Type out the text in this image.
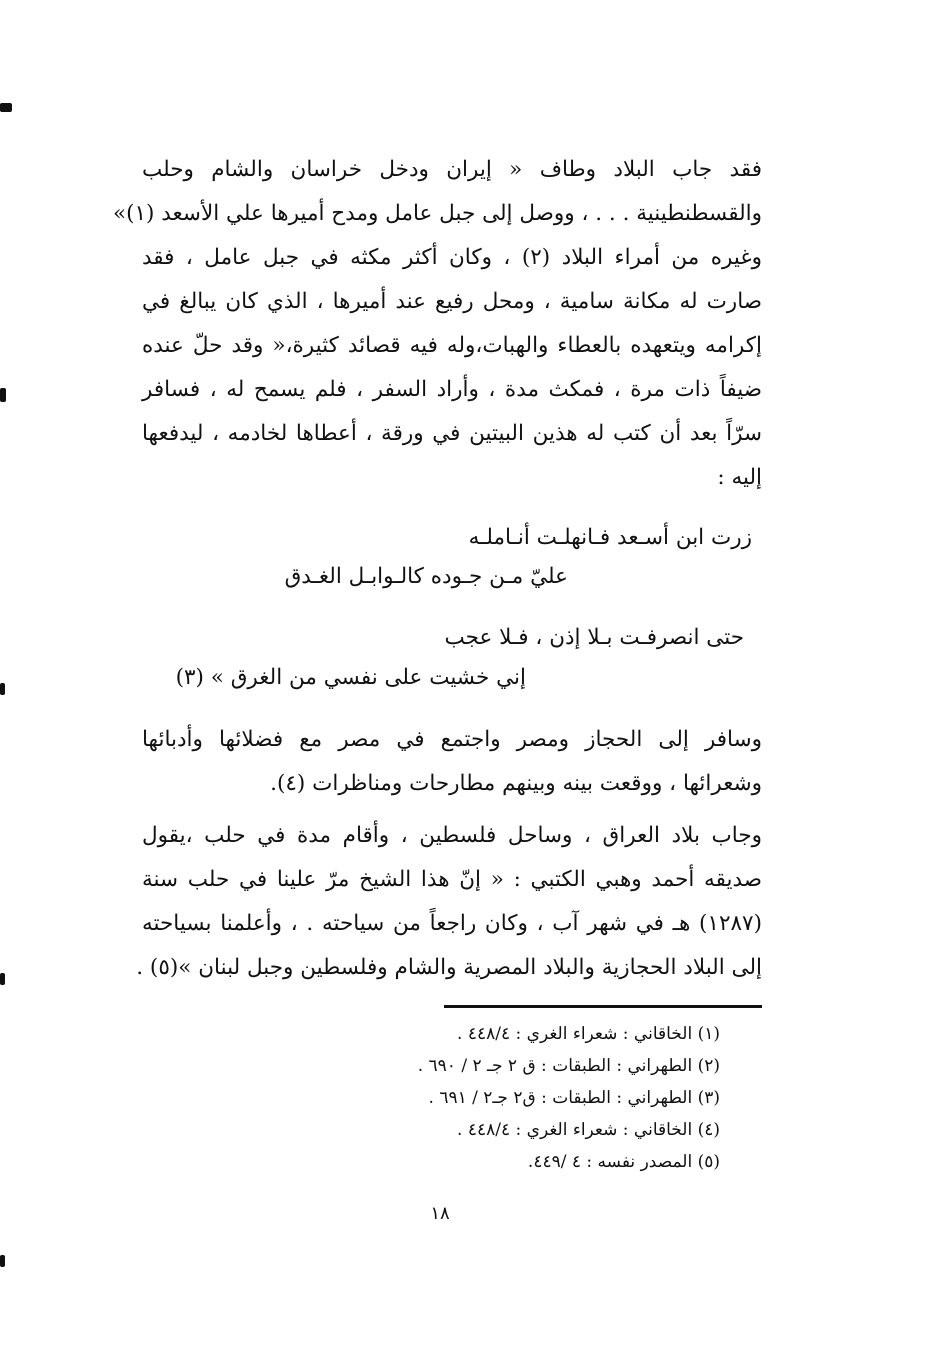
فقد جاب البلاد وطاف « إيران ودخل خراسان والشام وحلب
والقسطنطينية . . . ، ووصل إلى جبل عامل ومدح أميرها علي الأسعد (١)»
وغيره من أمراء البلاد (٢) ، وكان أكثر مكثه في جبل عامل ، فقد
صارت له مكانة سامية ، ومحل رفيع عند أميرها ، الذي كان يبالغ في
إكرامه ويتعهده بالعطاء والهبات،وله فيه قصائد كثيرة،« وقد حلّ عنده
ضيفاً ذات مرة ، فمكث مدة ، وأراد السفر ، فلم يسمح له ، فسافر
سرّاً بعد أن كتب له هذين البيتين في ورقة ، أعطاها لخادمه ، ليدفعها
إليه :
زرت ابن أسـعد فـانهلـت أنـاملـه
عليّ مـن جـوده كالـوابـل الغـدق
حتى انصرفـت بـلا إذن ، فـلا عجب
إني خشيت على نفسي من الغرق » (٣)
وسافر إلى الحجاز ومصر واجتمع في مصر مع فضلائها وأدبائها
وشعرائها ، ووقعت بينه وبينهم مطارحات ومناظرات (٤).
وجاب بلاد العراق ، وساحل فلسطين ، وأقام مدة في حلب ،يقول
صديقه أحمد وهبي الكتبي : « إنّ هذا الشيخ مرّ علينا في حلب سنة
(١٢٨٧) هـ في شهر آب ، وكان راجعاً من سياحته . ، وأعلمنا بسياحته
إلى البلاد الحجازية والبلاد المصرية والشام وفلسطين وجبل لبنان »(٥) .
(١) الخاقاني : شعراء الغري : ٤٤٨/٤ .
(٢) الطهراني : الطبقات : ق ٢ جـ ٢ / ٦٩٠ .
(٣) الطهراني : الطبقات : ق٢ جـ٢ / ٦٩١ .
(٤) الخاقاني : شعراء الغري : ٤٤٨/٤ .
(٥) المصدر نفسه : ٤ /٤٤٩.
١٨
